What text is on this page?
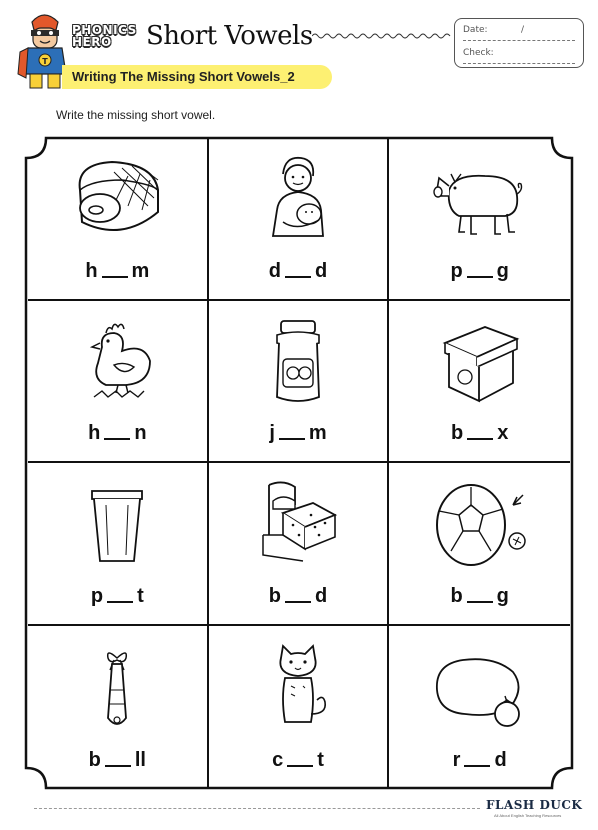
T
PHONICS
HERO	Short Vowels
Writing The Missing Short Vowels_2
Date:	/
Check:
Write the missing short vowel.
h m	d d	p g
h n	j m	b x
p t	b d	b g
b ll	c t	r d
FLASH DUCK
All About English Teaching Resources
